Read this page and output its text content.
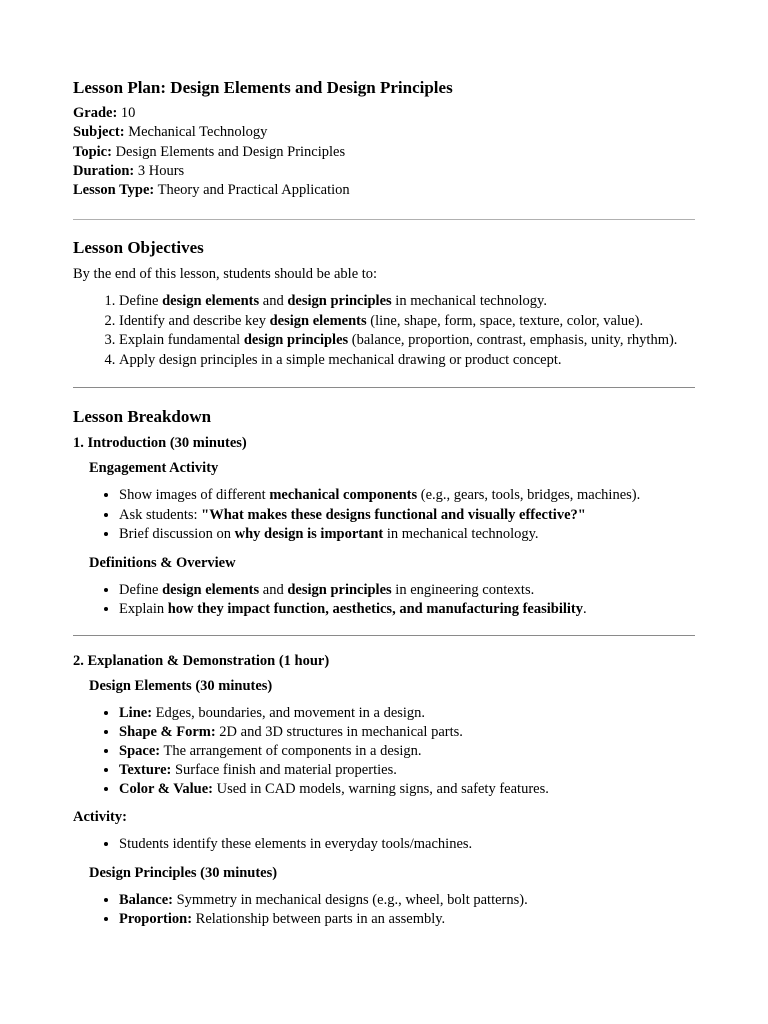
Lesson Plan: Design Elements and Design Principles

Grade: 10

Subject: Mechanical Technology

Topic: Design Elements and Design Principles

Duration: 3 Hours

Lesson Type: Theory and Practical Application

Lesson Objectives

By the end of this lesson, students should be able to:

1. Define design elements and design principles in mechanical technology.
2. Identify and describe key design elements (line, shape, form, space, texture, color, value).
3. Explain fundamental design principles (balance, proportion, contrast, emphasis, unity, rhythm).
4. Apply design principles in a simple mechanical drawing or product concept.
Lesson Breakdown
1. Introduction (30 minutes)
Engagement Activity
• Show images of different mechanical components (e.g., gears, tools, bridges, machines).
• Ask students: "What makes these designs functional and visually effective?"
• Brief discussion on why design is important in mechanical technology.
Definitions & Overview
• Define design elements and design principles in engineering contexts.
• Explain how they impact function, aesthetics, and manufacturing feasibility.
2. Explanation & Demonstration (1 hour)
Design Elements (30 minutes)
• Line: Edges, boundaries, and movement in a design.
• Shape & Form: 2D and 3D structures in mechanical parts.
• Space: The arrangement of components in a design.
• Texture: Surface finish and material properties.
• Color & Value: Used in CAD models, warning signs, and safety features.
Activity:
• Students identify these elements in everyday tools/machines.
Design Principles (30 minutes)
• Balance: Symmetry in mechanical designs (e.g., wheel, bolt patterns).
• Proportion: Relationship between parts in an assembly.
